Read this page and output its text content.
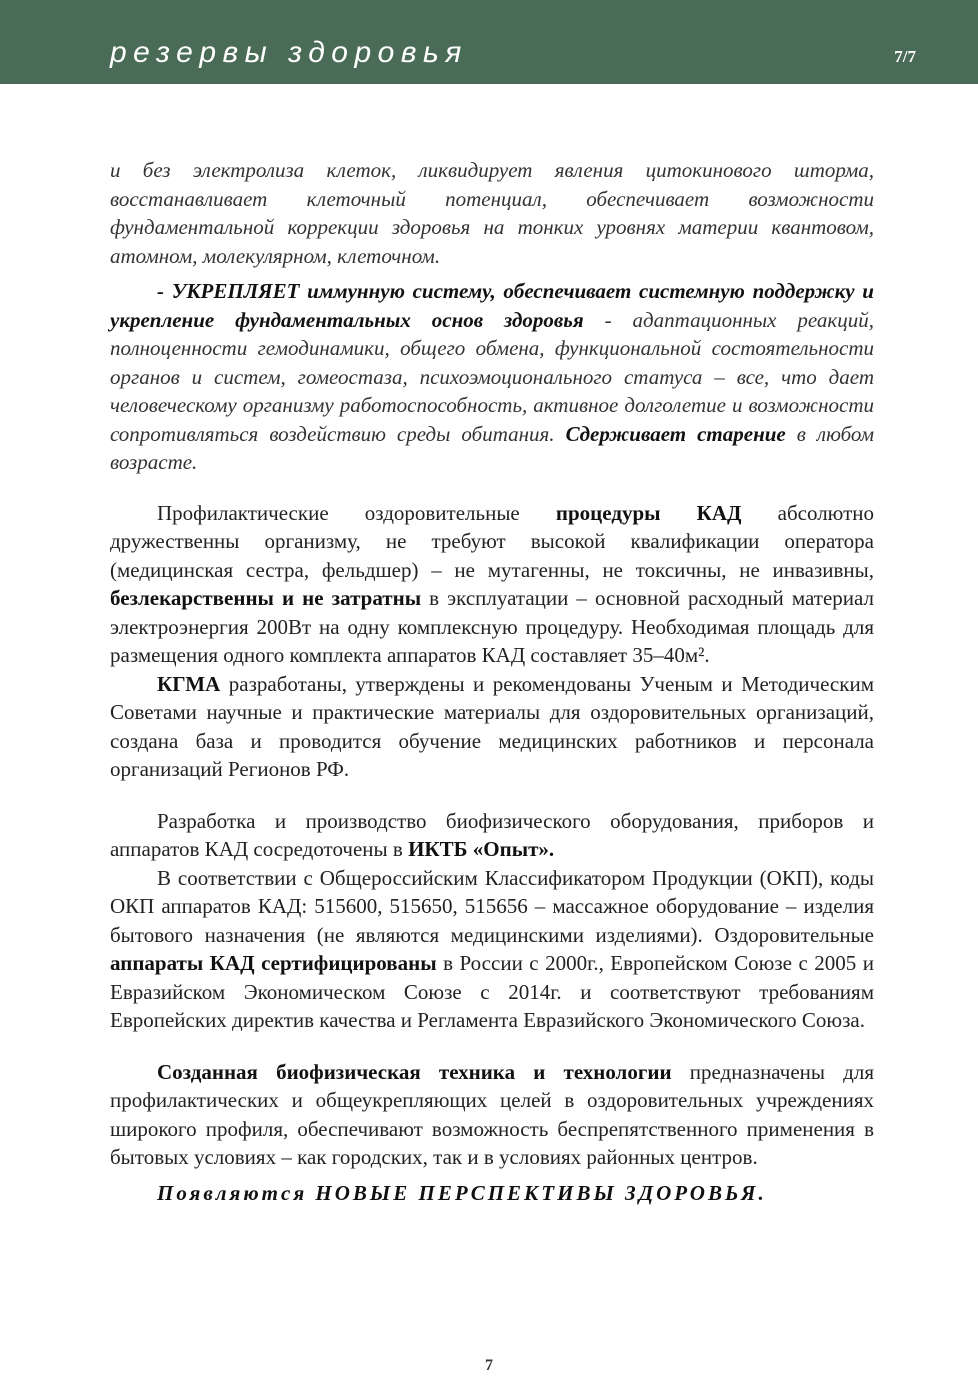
резервы здоровья	7/7

и без электролиза клеток, ликвидирует явления цитокинового шторма, восстанавливает клеточный потенциал, обеспечивает возможности фундаментальной коррекции здоровья на тонких уровнях материи квантовом, атомном, молекулярном, клеточном.

- УКРЕПЛЯЕТ иммунную систему, обеспечивает системную поддержку и укрепление фундаментальных основ здоровья - адаптационных реакций, полноценности гемодинамики, общего обмена, функциональной состоятельности органов и систем, гомеостаза, психоэмоционального статуса – все, что дает человеческому организму работоспособность, активное долголетие и возможности сопротивляться воздействию среды обитания. Сдерживает старение в любом возрасте.

Профилактические оздоровительные процедуры КАД абсолютно дружественны организму, не требуют высокой квалификации оператора (медицинская сестра, фельдшер) – не мутагенны, не токсичны, не инвазивны, безлекарственны и не затратны в эксплуатации – основной расходный материал электроэнергия 200Вт на одну комплексную процедуру. Необходимая площадь для размещения одного комплекта аппаратов КАД составляет 35–40м².

КГМА разработаны, утверждены и рекомендованы Ученым и Методическим Советами научные и практические материалы для оздоровительных организаций, создана база и проводится обучение медицинских работников и персонала организаций Регионов РФ.

Разработка и производство биофизического оборудования, приборов и аппаратов КАД сосредоточены в ИКТБ «Опыт».

В соответствии с Общероссийским Классификатором Продукции (ОКП), коды ОКП аппаратов КАД: 515600, 515650, 515656 – массажное оборудование – изделия бытового назначения (не являются медицинскими изделиями). Оздоровительные аппараты КАД сертифицированы в России с 2000г., Европейском Союзе с 2005 и Евразийском Экономическом Союзе с 2014г. и соответствуют требованиям Европейских директив качества и Регламента Евразийского Экономического Союза.

Созданная биофизическая техника и технологии предназначены для профилактических и общеукрепляющих целей в оздоровительных учреждениях широкого профиля, обеспечивают возможность беспрепятственного применения в бытовых условиях – как городских, так и в условиях районных центров.

Появляются НОВЫЕ ПЕРСПЕКТИВЫ ЗДОРОВЬЯ.

7
